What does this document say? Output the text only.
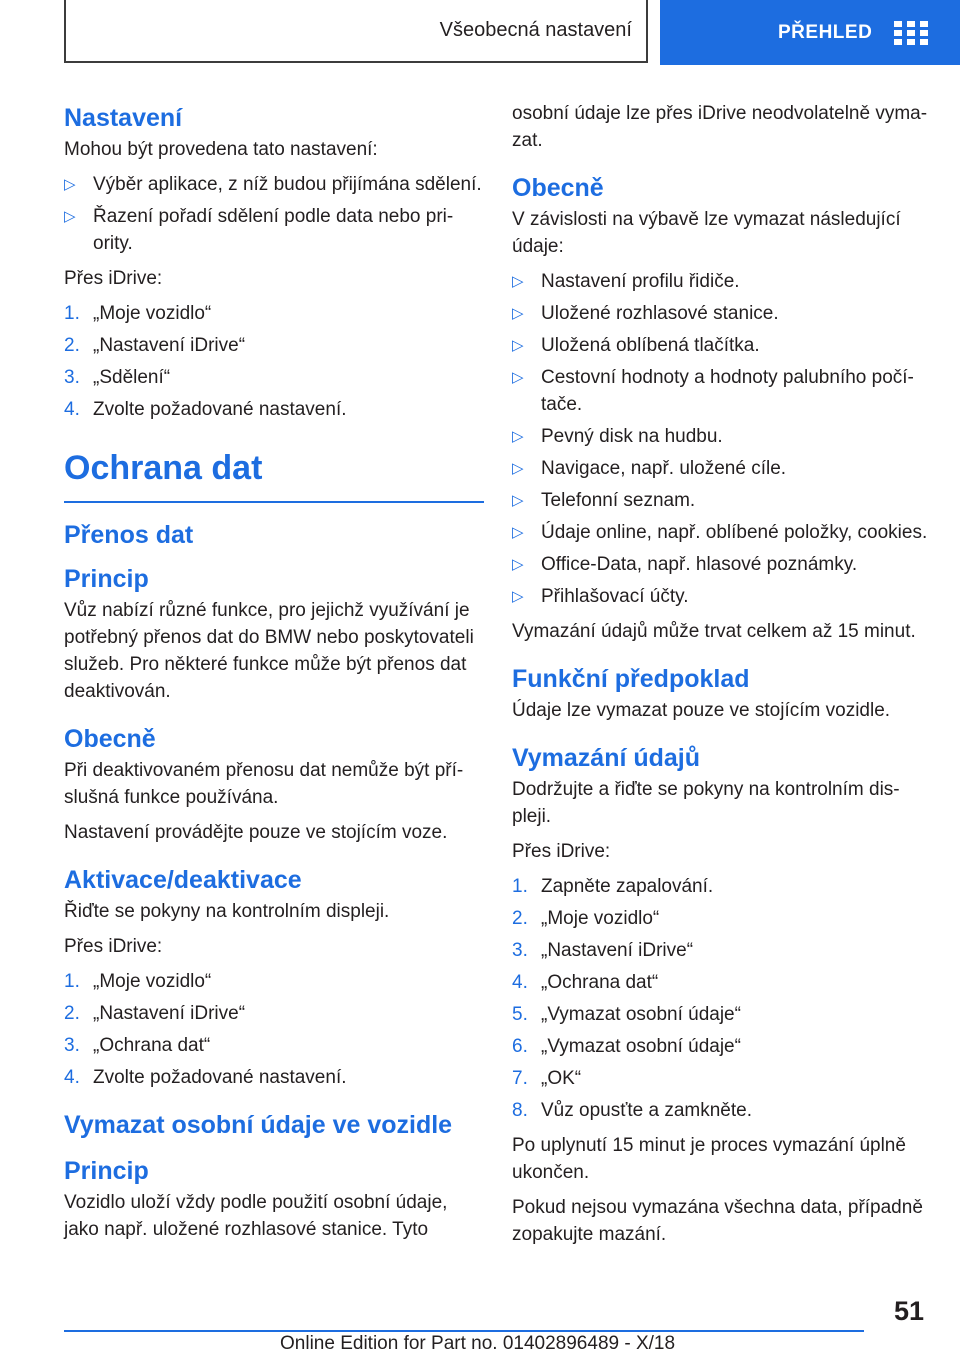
Všeobecná nastavení	PŘEHLED
Nastavení

Mohou být provedena tato nastavení:

▷ Výběr aplikace, z níž budou přijímána sdělení.
▷ Řazení pořadí sdělení podle data nebo pri-ority.

Přes iDrive:

1. „Moje vozidlo“
2. „Nastavení iDrive“
3. „Sdělení“
4. Zvolte požadované nastavení.
Ochrana dat
Přenos dat
Princip

Vůz nabízí různé funkce, pro jejichž využívání je potřebný přenos dat do BMW nebo poskytovateli služeb. Pro některé funkce může být přenos dat deaktivován.

Obecně

Při deaktivovaném přenosu dat nemůže být pří-slušná funkce používána.

Nastavení provádějte pouze ve stojícím voze.

Aktivace/deaktivace

Řiďte se pokyny na kontrolním displeji.

Přes iDrive:

1. „Moje vozidlo“
2. „Nastavení iDrive“
3. „Ochrana dat“
4. Zvolte požadované nastavení.
Vymazat osobní údaje ve vozidle
Princip

Vozidlo uloží vždy podle použití osobní údaje, jako např. uložené rozhlasové stanice. Tyto

osobní údaje lze přes iDrive neodvolatelně vyma-zat.

Obecně

V závislosti na výbavě lze vymazat následující údaje:

▷ Nastavení profilu řidiče.
▷ Uložené rozhlasové stanice.
▷ Uložená oblíbená tlačítka.
▷ Cestovní hodnoty a hodnoty palubního počí-tače.
▷ Pevný disk na hudbu.
▷ Navigace, např. uložené cíle.
▷ Telefonní seznam.
▷ Údaje online, např. oblíbené položky, cookies.
▷ Office-Data, např. hlasové poznámky.
▷ Přihlašovací účty.

Vymazání údajů může trvat celkem až 15 minut.

Funkční předpoklad

Údaje lze vymazat pouze ve stojícím vozidle.

Vymazání údajů

Dodržujte a řiďte se pokyny na kontrolním dis-pleji.

Přes iDrive:

1. Zapněte zapalování.
2. „Moje vozidlo“
3. „Nastavení iDrive“
4. „Ochrana dat“
5. „Vymazat osobní údaje“
6. „Vymazat osobní údaje“
7. „OK“
8. Vůz opusťte a zamkněte.

Po uplynutí 15 minut je proces vymazání úplně ukončen.

Pokud nejsou vymazána všechna data, případně zopakujte mazání.

51
Online Edition for Part no. 01402896489 - X/18
